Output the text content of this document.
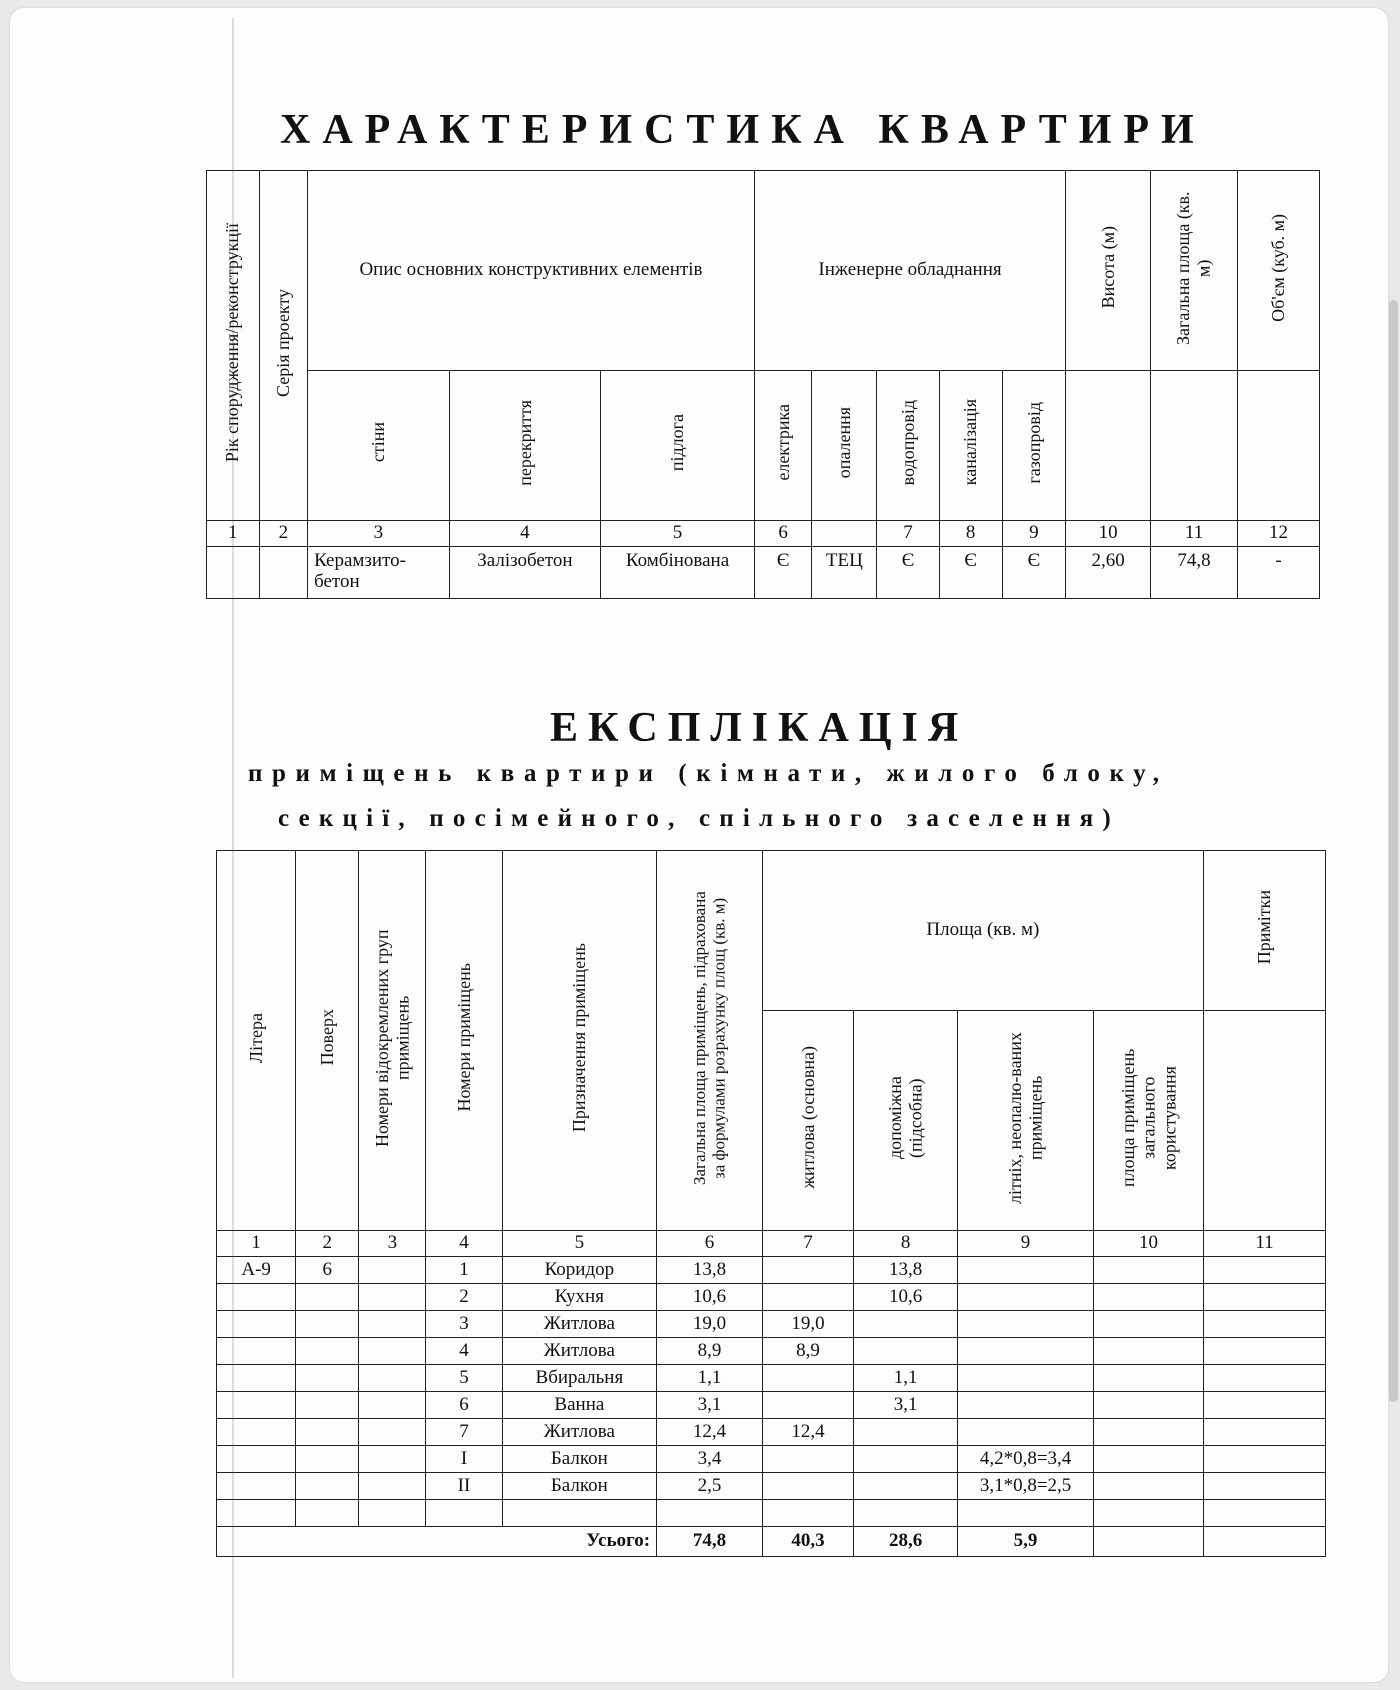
ХАРАКТЕРИСТИКА КВАРТИРИ
Рік спорудження/реконструкції	Серія проекту	Опис основних конструктивних елементів			Інженерне обладнання					Висота (м)	Загальна площа (кв. м)	Об'єм (куб. м)
		стіни	перекриття	підлога	електрика	опалення	водопровід	каналізація	газопровід			
1	2	3	4	5	6		7	8	9	10	11	12
		Керамзито-бетон	Залізобетон	Комбінована	Є	ТЕЦ	Є	Є	Є	2,60	74,8	-
ЕКСПЛІКАЦІЯ

приміщень квартири (кімнати, жилого блоку,

секції, посімейного, спільного заселення)

Літера	Поверх	Номери відокремлених груп приміщень	Номери приміщень	Призначення приміщень	Загальна площа приміщень, підрахована за формулами розрахунку площ (кв. м)	Площа (кв. м)				Примітки
						житлова (основна)	допоміжна (підсобна)	літніх, неопалю-ваних приміщень	площа приміщень загального користування	
1	2	3	4	5	6	7	8	9	10	11
А-9	6		1	Коридор	13,8		13,8			
			2	Кухня	10,6		10,6			
			3	Житлова	19,0	19,0				
			4	Житлова	8,9	8,9				
			5	Вбиральня	1,1		1,1			
			6	Ванна	3,1		3,1			
			7	Житлова	12,4	12,4				
			І	Балкон	3,4			4,2*0,8=3,4		
			ІІ	Балкон	2,5			3,1*0,8=2,5		

Усього:					74,8	40,3	28,6	5,9		
